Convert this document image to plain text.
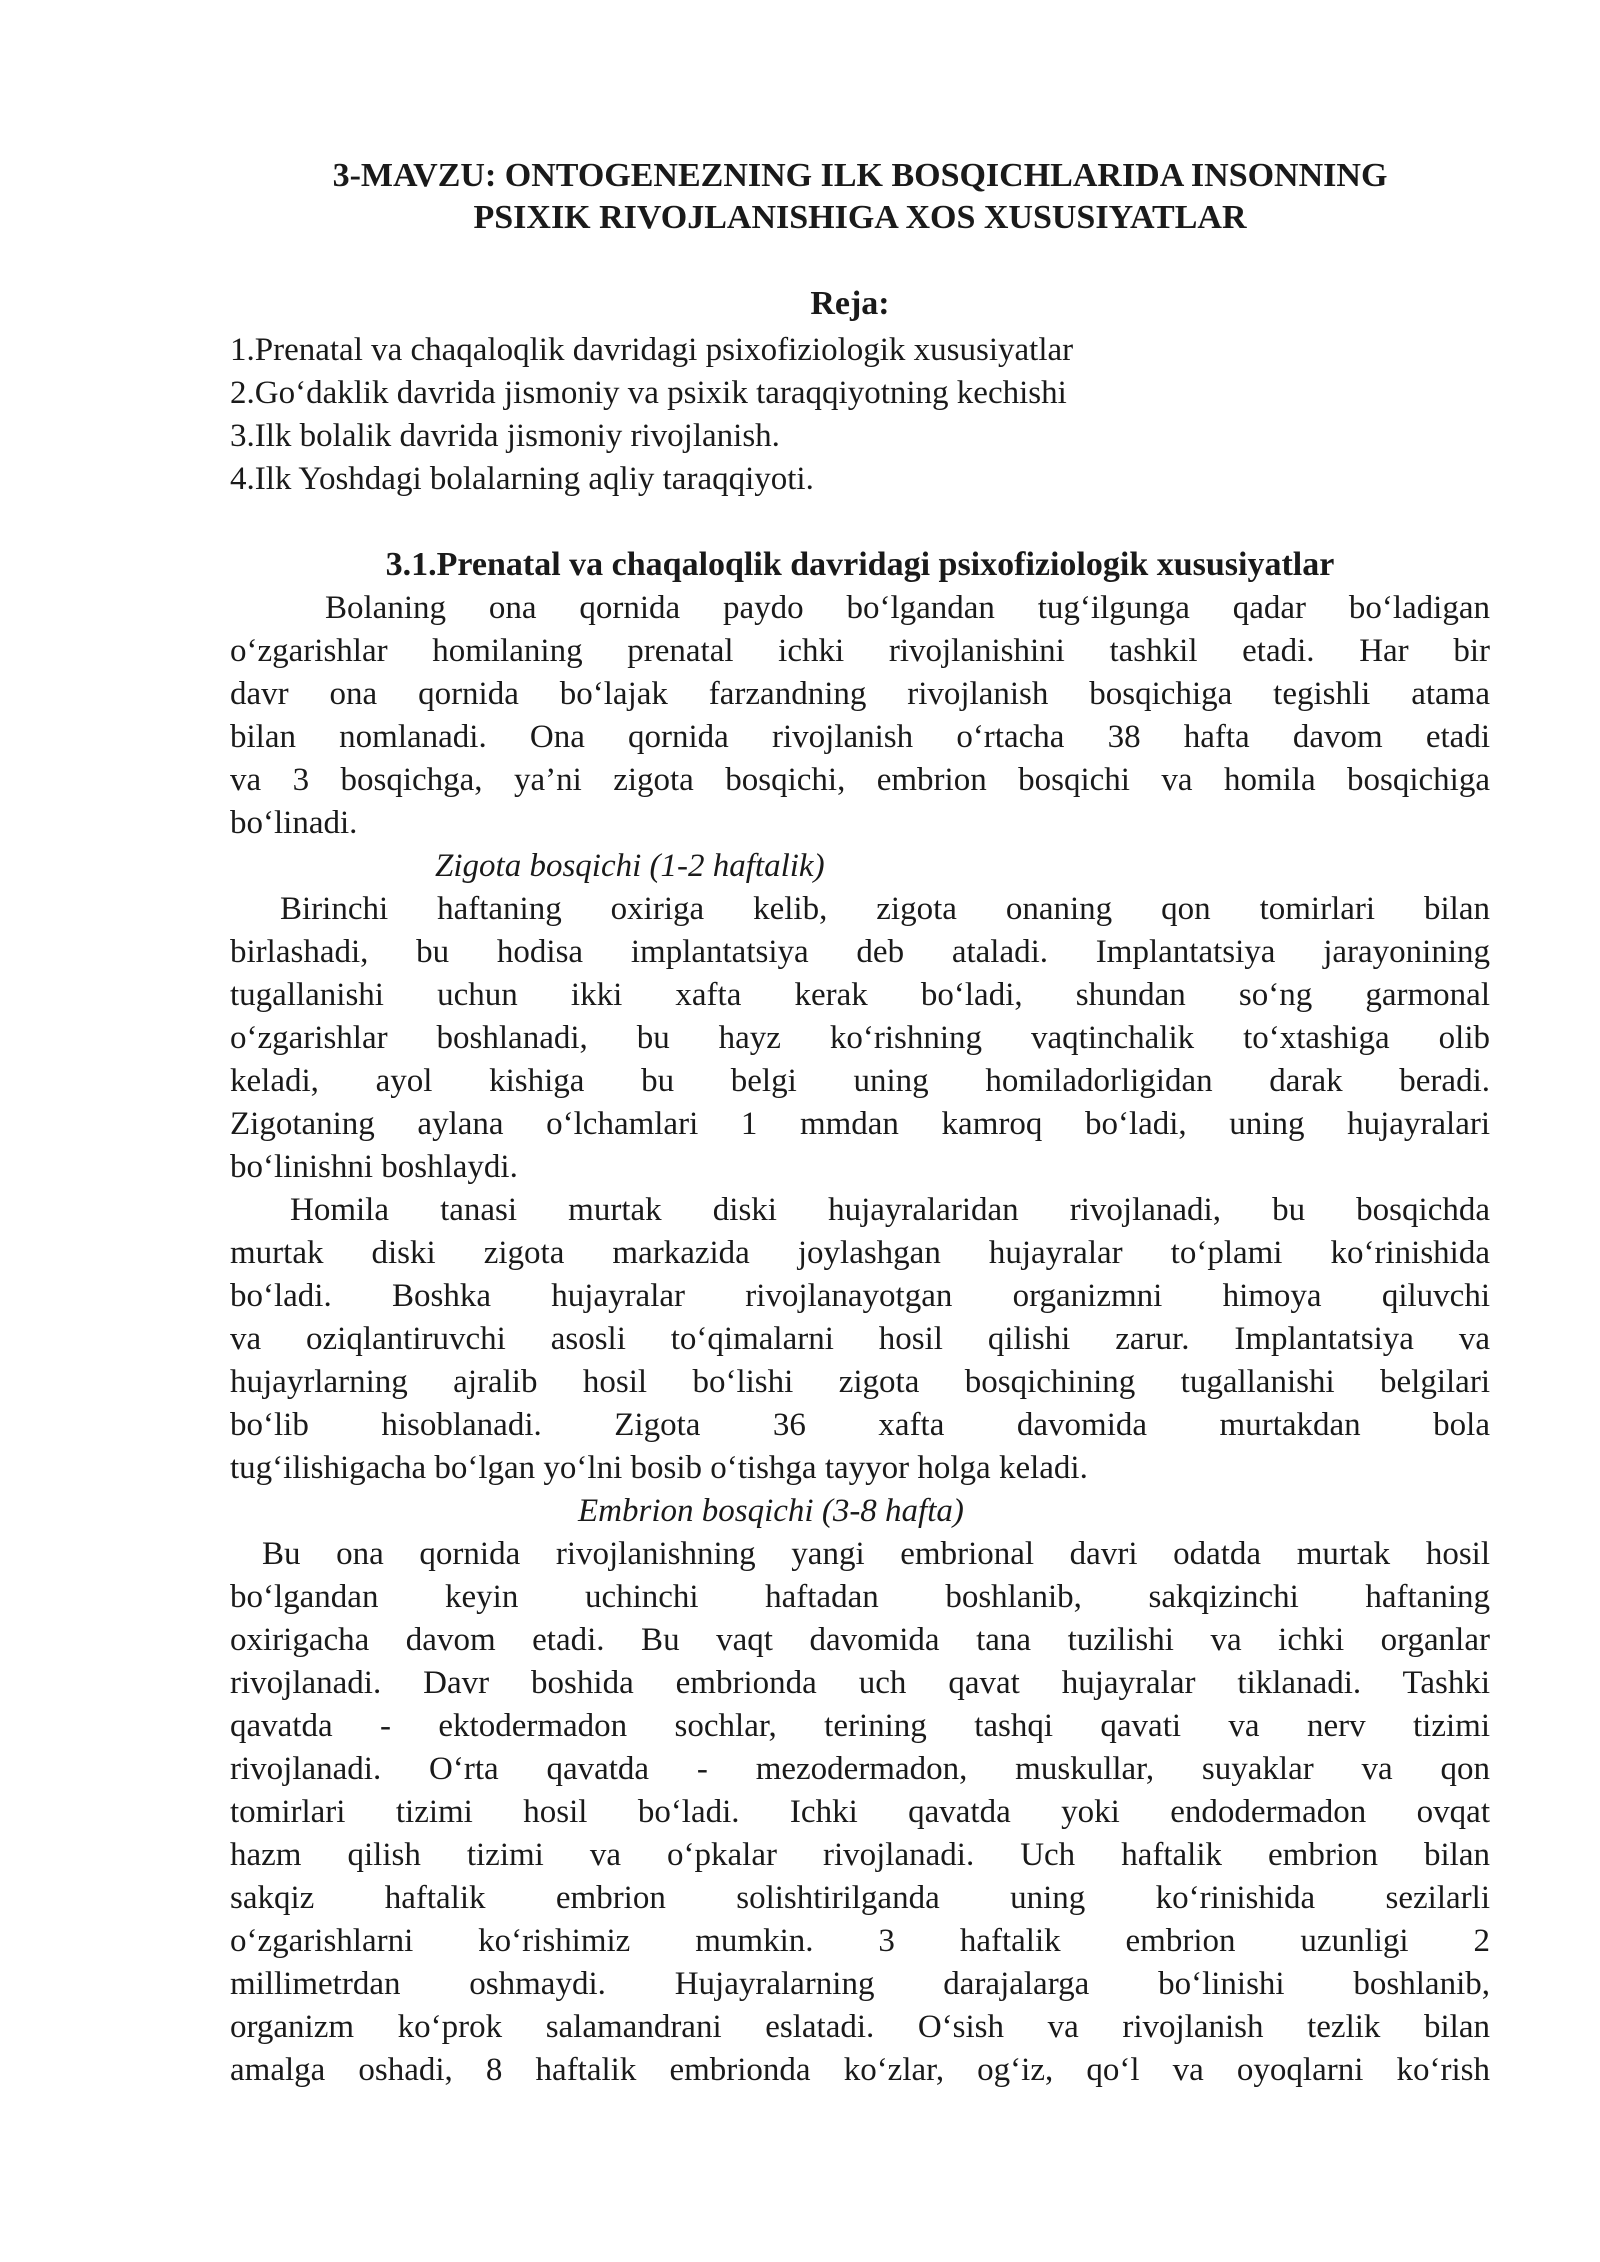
3-MAVZU: ONTOGENEZNING ILK BOSQICHLARIDA INSONNING
PSIXIK RIVOJLANISHIGA XOS XUSUSIYATLAR
Reja:
1.Prenatal va chaqaloqlik davridagi psixofiziologik xususiyatlar
2.Go‘daklik davrida jismoniy va psixik taraqqiyotning kechishi
3.Ilk bolalik davrida jismoniy rivojlanish.
4.Ilk Yoshdagi bolalarning aqliy taraqqiyoti.
3.1.Prenatal va chaqaloqlik davridagi psixofiziologik xususiyatlar
Bolaning ona qornida paydo bo‘lgandan tug‘ilgunga qadar bo‘ladigan
o‘zgarishlar homilaning prenatal ichki rivojlanishini tashkil etadi. Har bir
davr ona qornida bo‘lajak farzandning rivojlanish bosqichiga tegishli atama
bilan nomlanadi. Ona qornida rivojlanish o‘rtacha 38 hafta davom etadi
va 3 bosqichga, ya’ni zigota bosqichi, embrion bosqichi va homila bosqichiga
bo‘linadi.
Zigota bosqichi (1-2 haftalik)
Birinchi haftaning oxiriga kelib, zigota onaning qon tomirlari bilan
birlashadi, bu hodisa implantatsiya deb ataladi. Implantatsiya jarayonining
tugallanishi uchun ikki xafta kerak bo‘ladi, shundan so‘ng garmonal
o‘zgarishlar boshlanadi, bu hayz ko‘rishning vaqtinchalik to‘xtashiga olib
keladi, ayol kishiga bu belgi uning homiladorligidan darak beradi.
Zigotaning aylana o‘lchamlari 1 mmdan kamroq bo‘ladi, uning hujayralari
bo‘linishni boshlaydi.
Homila tanasi murtak diski hujayralaridan rivojlanadi, bu bosqichda
murtak diski zigota markazida joylashgan hujayralar to‘plami ko‘rinishida
bo‘ladi. Boshka hujayralar rivojlanayotgan organizmni himoya qiluvchi
va oziqlantiruvchi asosli to‘qimalarni hosil qilishi zarur. Implantatsiya va
hujayrlarning ajralib hosil bo‘lishi zigota bosqichining tugallanishi belgilari
bo‘lib hisoblanadi. Zigota 36 xafta davomida murtakdan bola
tug‘ilishigacha bo‘lgan yo‘lni bosib o‘tishga tayyor holga keladi.
Embrion bosqichi (3-8 hafta)
Bu ona qornida rivojlanishning yangi embrional davri odatda murtak hosil
bo‘lgandan keyin uchinchi haftadan boshlanib, sakqizinchi haftaning
oxirigacha davom etadi. Bu vaqt davomida tana tuzilishi va ichki organlar
rivojlanadi. Davr boshida embrionda uch qavat hujayralar tiklanadi. Tashki
qavatda - ektodermadon sochlar, terining tashqi qavati va nerv tizimi
rivojlanadi. O‘rta qavatda - mezodermadon, muskullar, suyaklar va qon
tomirlari tizimi hosil bo‘ladi. Ichki qavatda yoki endodermadon ovqat
hazm qilish tizimi va o‘pkalar rivojlanadi. Uch haftalik embrion bilan
sakqiz haftalik embrion solishtirilganda uning ko‘rinishida sezilarli
o‘zgarishlarni ko‘rishimiz mumkin. 3 haftalik embrion uzunligi 2
millimetrdan oshmaydi. Hujayralarning darajalarga bo‘linishi boshlanib,
organizm ko‘prok salamandrani eslatadi. O‘sish va rivojlanish tezlik bilan
amalga oshadi, 8 haftalik embrionda ko‘zlar, og‘iz, qo‘l va oyoqlarni ko‘rish
